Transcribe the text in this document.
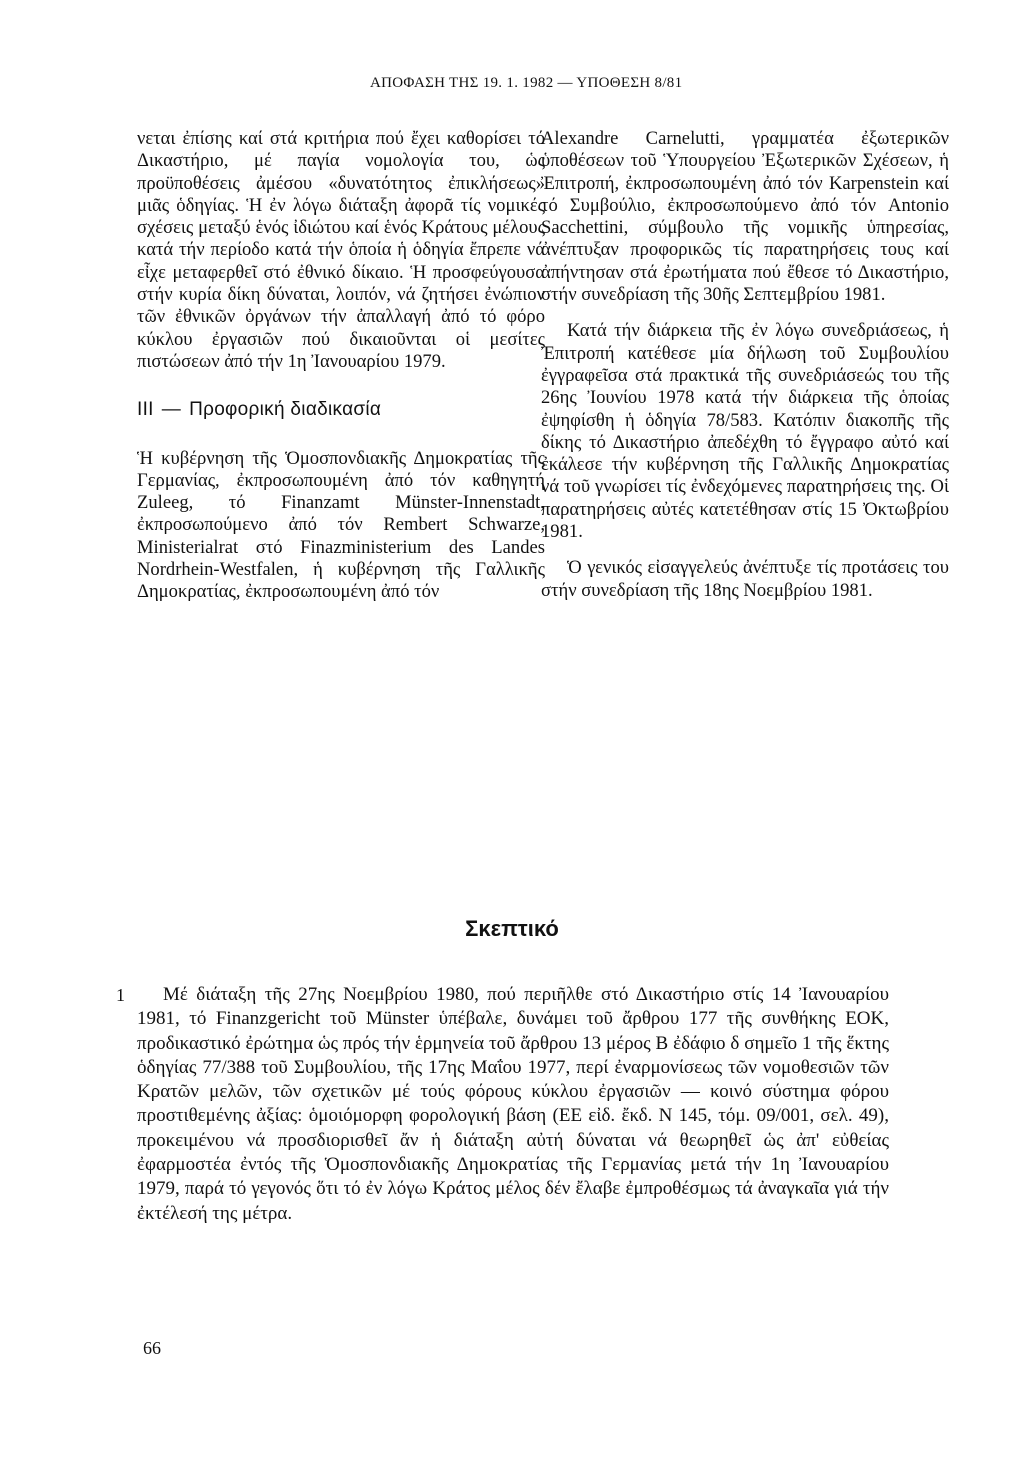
ΑΠΟΦΑΣΗ ΤΗΣ 19. 1. 1982 — ΥΠΟΘΕΣΗ 8/81

νεται ἐπίσης καί στά κριτήρια πού ἔχει καθορίσει τό Δικαστήριο, μέ παγία νομολογία του, ὡς προϋποθέσεις ἀμέσου «δυνατότητος ἐπικλήσεως» μιᾶς ὁδηγίας. Ἡ ἐν λόγω διάταξη ἀφορᾶ τίς νομικές σχέσεις μεταξύ ἑνός ἰδιώτου καί ἑνός Κράτους μέλους κατά τήν περίοδο κατά τήν ὁποία ἡ ὁδηγία ἔπρεπε νά εἶχε μεταφερθεῖ στό ἐθνικό δίκαιο. Ἡ προσφεύγουσα στήν κυρία δίκη δύναται, λοιπόν, νά ζητήσει ἐνώπιον τῶν ἐθνικῶν ὀργάνων τήν ἀπαλλαγή ἀπό τό φόρο κύκλου ἐργασιῶν πού δικαιοῦνται οἱ μεσίτες πιστώσεων ἀπό τήν 1η Ἰανουαρίου 1979.

III — Προφορική διαδικασία

Ἡ κυβέρνηση τῆς Ὁμοσπονδιακῆς Δημοκρατίας τῆς Γερμανίας, ἐκπροσωπουμένη ἀπό τόν καθηγητή Zuleeg, τό Finanzamt Münster-Innenstadt, ἐκπροσωπούμενο ἀπό τόν Rembert Schwarze, Ministerialrat στό Finazministerium des Landes Nordrhein-Westfalen, ἡ κυβέρνηση τῆς Γαλλικῆς Δημοκρατίας, ἐκπροσωπουμένη ἀπό τόν

Alexandre Carnelutti, γραμματέα ἐξωτερικῶν ὑποθέσεων τοῦ Ὑπουργείου Ἐξωτερικῶν Σχέσεων, ἡ Ἐπιτροπή, ἐκπροσωπουμένη ἀπό τόν Karpenstein καί τό Συμβούλιο, ἐκπροσωπούμενο ἀπό τόν Antonio Sacchettini, σύμβουλο τῆς νομικῆς ὑπηρεσίας, ἀνέπτυξαν προφορικῶς τίς παρατηρήσεις τους καί ἀπήντησαν στά ἐρωτήματα πού ἔθεσε τό Δικαστήριο, στήν συνεδρίαση τῆς 30ῆς Σεπτεμβρίου 1981.

Κατά τήν διάρκεια τῆς ἐν λόγω συνεδριάσεως, ἡ Ἐπιτροπή κατέθεσε μία δήλωση τοῦ Συμβουλίου ἐγγραφεῖσα στά πρακτικά τῆς συνεδριάσεώς του τῆς 26ης Ἰουνίου 1978 κατά τήν διάρκεια τῆς ὁποίας ἐψηφίσθη ἡ ὁδηγία 78/583. Κατόπιν διακοπῆς τῆς δίκης τό Δικαστήριο ἀπεδέχθη τό ἔγγραφο αὐτό καί ἐκάλεσε τήν κυβέρνηση τῆς Γαλλικῆς Δημοκρατίας νά τοῦ γνωρίσει τίς ἐνδεχόμενες παρατηρήσεις της. Οἱ παρατηρήσεις αὐτές κατετέθησαν στίς 15 Ὀκτωβρίου 1981.

Ὁ γενικός εἰσαγγελεύς ἀνέπτυξε τίς προτάσεις του στήν συνεδρίαση τῆς 18ης Νοεμβρίου 1981.

Σκεπτικό
1	Μέ διάταξη τῆς 27ης Νοεμβρίου 1980, πού περιῆλθε στό Δικαστήριο στίς 14 Ἰανουαρίου 1981, τό Finanzgericht τοῦ Münster ὑπέβαλε, δυνάμει τοῦ ἄρθρου 177 τῆς συνθήκης ΕΟΚ, προδικαστικό ἐρώτημα ὡς πρός τήν ἑρμηνεία τοῦ ἄρθρου 13 μέρος Β ἐδάφιο δ σημεῖο 1 τῆς ἕκτης ὁδηγίας 77/388 τοῦ Συμβουλίου, τῆς 17ης Μαΐου 1977, περί ἐναρμονίσεως τῶν νομοθεσιῶν τῶν Κρατῶν μελῶν, τῶν σχετικῶν μέ τούς φόρους κύκλου ἐργασιῶν — κοινό σύστημα φόρου προστιθεμένης ἀξίας: ὁμοιόμορφη φορολογική βάση (ΕΕ εἰδ. ἔκδ. Ν 145, τόμ. 09/001, σελ. 49), προκειμένου νά προσδιορισθεῖ ἄν ἡ διάταξη αὐτή δύναται νά θεωρηθεῖ ὡς ἀπ' εὐθείας ἐφαρμοστέα ἐντός τῆς Ὁμοσπονδιακῆς Δημοκρατίας τῆς Γερμανίας μετά τήν 1η Ἰανουαρίου 1979, παρά τό γεγονός ὅτι τό ἐν λόγω Κράτος μέλος δέν ἔλαβε ἐμπροθέσμως τά ἀναγκαῖα γιά τήν ἐκτέλεσή της μέτρα.

66
